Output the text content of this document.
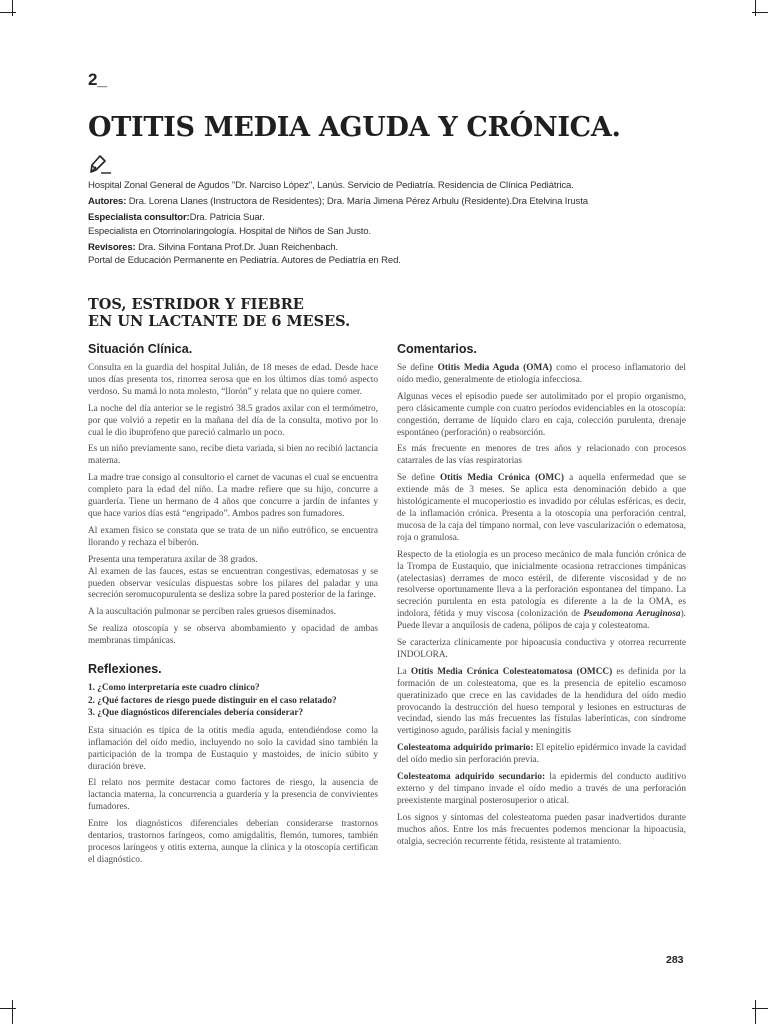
2_
OTITIS MEDIA AGUDA Y CRÓNICA.

Hospital Zonal General de Agudos "Dr. Narciso López", Lanús. Servicio de Pediatría. Residencia de Clínica Pediátrica.

Autores: Dra. Lorena Llanes (Instructora de Residentes); Dra. María Jimena Pérez Arbulu (Residente).Dra Etelvina Irusta

Especialista consultor:Dra. Patricia Suar.

Especialista en Otorrinolaringología. Hospital de Niños de San Justo.

Revisores: Dra. Silvina Fontana Prof.Dr. Juan Reichenbach.

Portal de Educación Permanente en Pediatría. Autores de Pediatría en Red.

TOS, ESTRIDOR Y FIEBRE
EN UN LACTANTE DE 6 MESES.
Situación Clínica.

Consulta en la guardia del hospital Julián, de 18 meses de edad. Desde hace unos días presenta tos, rinorrea serosa que en los últimos días tomó aspecto verdoso. Su mamá lo nota molesto, “llorón” y relata que no quiere comer.

La noche del día anterior se le registró 38.5 grados axilar con el termómetro, por que volvió a repetir en la mañana del día de la consulta, motivo por lo cual le dio ibuprofeno que pareció calmarlo un poco.

Es un niño previamente sano, recibe dieta variada, si bien no recibió lactancia materna.

La madre trae consigo al consultorio el carnet de vacunas el cual se encuentra completo para la edad del niño. La madre refiere que su hijo, concurre a guardería. Tiene un hermano de 4 años que concurre a jardín de infantes y que hace varios días está “engripado”. Ambos padres son fumadores.

Al examen físico se constata que se trata de un niño eutrófico, se encuentra llorando y rechaza el biberón.

Presenta una temperatura axilar de 38 grados.

Al examen de las fauces, estas se encuentran congestivas, edematosas y se pueden observar vesículas dispuestas sobre los pilares del paladar y una secreción seromucopurulenta se desliza sobre la pared posterior de la faringe.

A la auscultación pulmonar se perciben rales gruesos diseminados.

Se realiza otoscopía y se observa abombamiento y opacidad de ambas membranas timpánicas.

Reflexiones.
1. ¿Como interpretaría este cuadro clínico?
2. ¿Qué factores de riesgo puede distinguir en el caso relatado?
3. ¿Que diagnósticos diferenciales debería considerar?

Esta situación es típica de la otitis media aguda, entendiéndose como la inflamación del oído medio, incluyendo no solo la cavidad sino también la participación de la trompa de Eustaquio y mastoides, de inicio súbito y duración breve.

El relato nos permite destacar como factores de riesgo, la ausencia de lactancia materna, la concurrencia a guardería y la presencia de convivientes fumadores.

Entre los diagnósticos diferenciales deberían considerarse trastornos dentarios, trastornos faríngeos, como amigdalitis, flemón, tumores, también procesos laríngeos y otitis externa, aunque la clínica y la otoscopía certifican el diagnóstico.

Comentarios.

Se define Otitis Media Aguda (OMA) como el proceso inflamatorio del oído medio, generalmente de etiología infecciosa.

Algunas veces el episodio puede ser autolimitado por el propio organismo, pero clásicamente cumple con cuatro períodos evidenciables en la otoscopía: congestión, derrame de líquido claro en caja, colección purulenta, drenaje espontáneo (perforación) o reabsorción.

Es más frecuente en menores de tres años y relacionado con procesos catarrales de las vías respiratorias

Se define Otitis Media Crónica (OMC) a aquella enfermedad que se extiende más de 3 meses. Se aplica esta denominación debido a que histológicamente el mucoperiostio es invadido por células esféricas, es decir, de la inflamación crónica. Presenta a la otoscopía una perforación central, mucosa de la caja del tímpano normal, con leve vascularización o edematosa, roja o granulosa.

Respecto de la etiología es un proceso mecánico de mala función crónica de la Trompa de Eustaquio, que inicialmente ocasiona retracciones timpánicas (atelectasias) derrames de moco estéril, de diferente viscosidad y de no resolverse oportunamente lleva a la perforación espontanea del tímpano. La secreción purulenta en esta patología es diferente a la de la OMA, es indolora, fétida y muy viscosa (colonización de Pseudomona Aeruginosa). Puede llevar a anquilosis de cadena, pólipos de caja y colesteatoma.

Se caracteriza clínicamente por hipoacusia conductiva y otorrea recurrente INDOLORA.

La Otitis Media Crónica Colesteatomatosa (OMCC) es definida por la formación de un colesteatoma, que es la presencia de epitelio escamoso queratinizado que crece en las cavidades de la hendidura del oído medio provocando la destrucción del hueso temporal y lesiones en estructuras de vecindad, siendo las más frecuentes las fístulas laberínticas, con síndrome vertiginoso agudo, parálisis facial y meningitis

Colesteatoma adquirido primario: El epitelio epidérmico invade la cavidad del oído medio sin perforación previa.

Colesteatoma adquirido secundario: la epidermis del conducto auditivo externo y del tímpano invade el oído medio a través de una perforación preexistente marginal posterosuperior o atical.

Los signos y síntomas del colesteatoma pueden pasar inadvertidos durante muchos años. Entre los más frecuentes podemos mencionar la hipoacusia, otalgia, secreción recurrente fétida, resistente al tratamiento.

283
